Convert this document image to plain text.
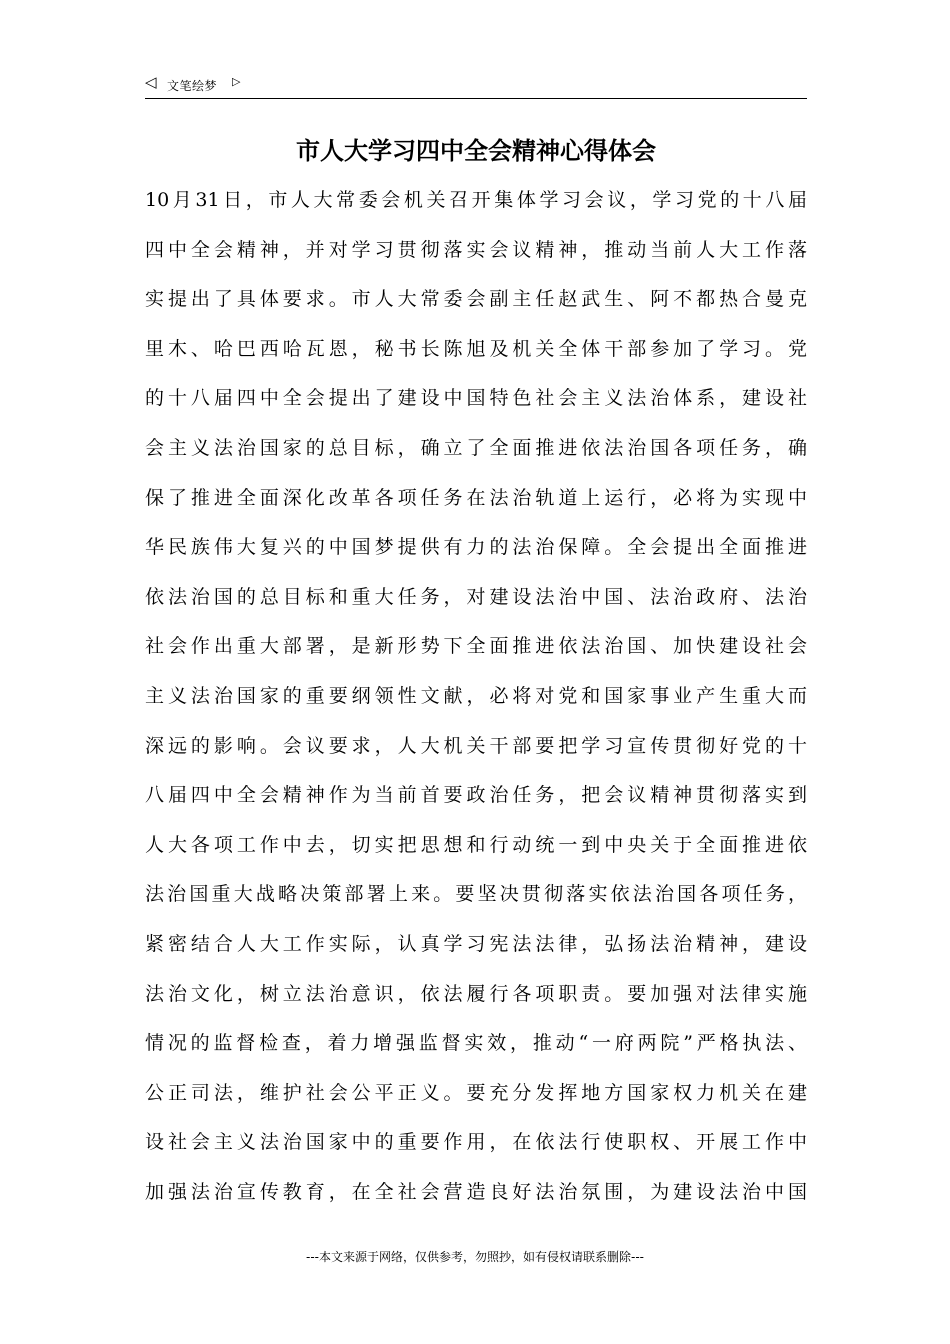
◁ 文笔绘梦 ▷
市人大学习四中全会精神心得体会

10月31日，市人大常委会机关召开集体学习会议，学习党的十八届
四中全会精神，并对学习贯彻落实会议精神，推动当前人大工作落
实提出了具体要求。市人大常委会副主任赵武生、阿不都热合曼克
里木、哈巴西哈瓦恩，秘书长陈旭及机关全体干部参加了学习。党
的十八届四中全会提出了建设中国特色社会主义法治体系，建设社
会主义法治国家的总目标，确立了全面推进依法治国各项任务，确
保了推进全面深化改革各项任务在法治轨道上运行，必将为实现中
华民族伟大复兴的中国梦提供有力的法治保障。全会提出全面推进
依法治国的总目标和重大任务，对建设法治中国、法治政府、法治
社会作出重大部署，是新形势下全面推进依法治国、加快建设社会
主义法治国家的重要纲领性文献，必将对党和国家事业产生重大而
深远的影响。会议要求，人大机关干部要把学习宣传贯彻好党的十
八届四中全会精神作为当前首要政治任务，把会议精神贯彻落实到
人大各项工作中去，切实把思想和行动统一到中央关于全面推进依
法治国重大战略决策部署上来。要坚决贯彻落实依法治国各项任务，
紧密结合人大工作实际，认真学习宪法法律，弘扬法治精神，建设
法治文化，树立法治意识，依法履行各项职责。要加强对法律实施
情况的监督检查，着力增强监督实效，推动“一府两院”严格执法、
公正司法，维护社会公平正义。要充分发挥地方国家权力机关在建
设社会主义法治国家中的重要作用，在依法行使职权、开展工作中
加强法治宣传教育，在全社会营造良好法治氛围，为建设法治中国

---本文来源于网络，仅供参考，勿照抄，如有侵权请联系删除---
